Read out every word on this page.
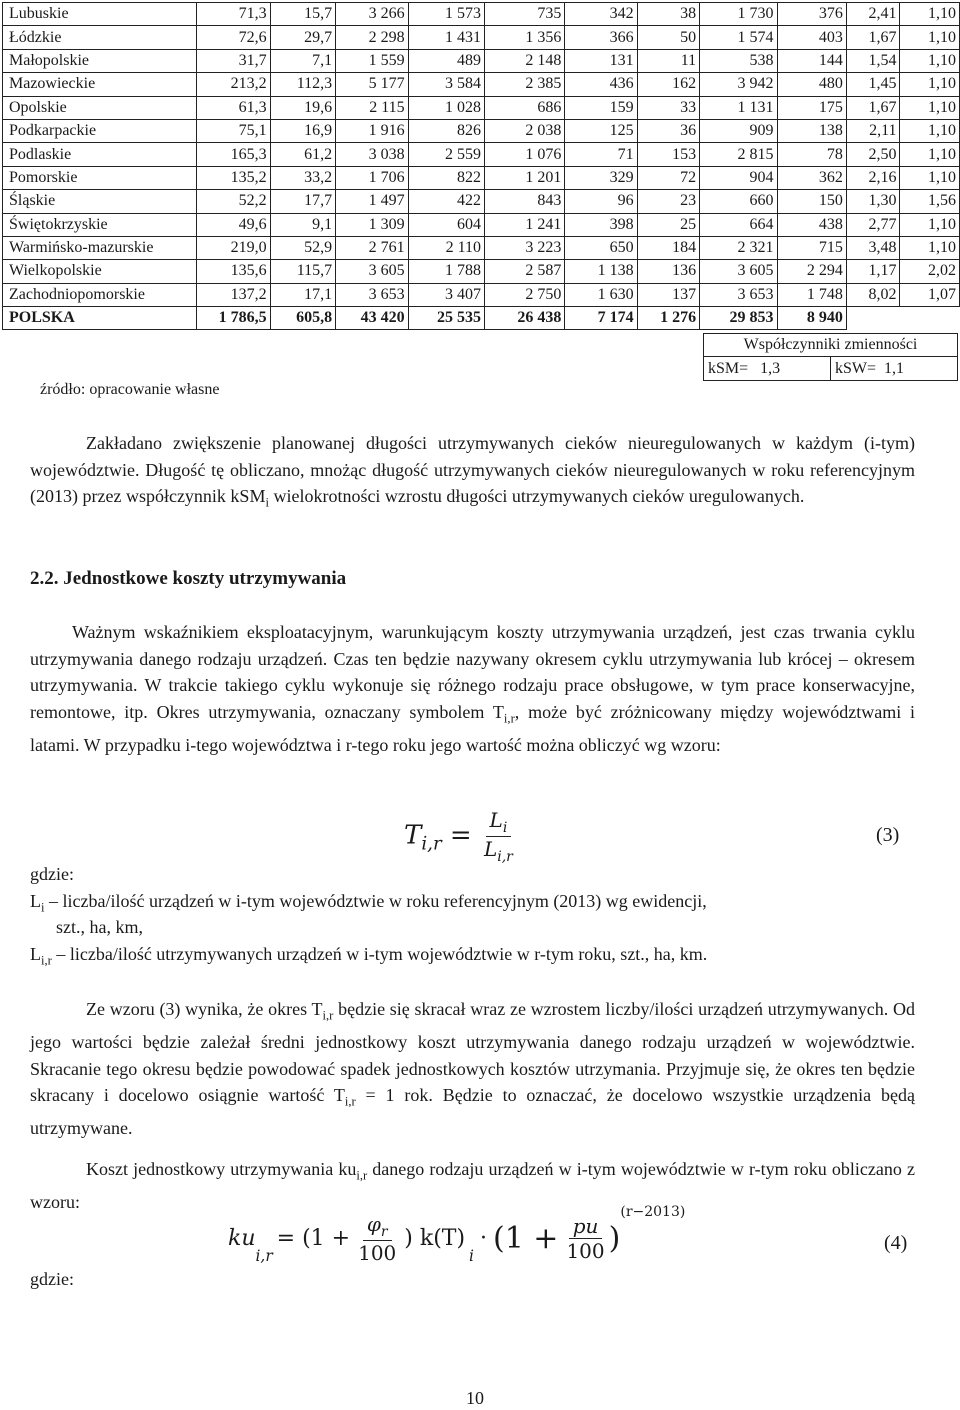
Lubuskie	71,3	15,7	3 266	1 573	735	342	38	1 730	376	2,41	1,10
Łódzkie	72,6	29,7	2 298	1 431	1 356	366	50	1 574	403	1,67	1,10
Małopolskie	31,7	7,1	1 559	489	2 148	131	11	538	144	1,54	1,10
Mazowieckie	213,2	112,3	5 177	3 584	2 385	436	162	3 942	480	1,45	1,10
Opolskie	61,3	19,6	2 115	1 028	686	159	33	1 131	175	1,67	1,10
Podkarpackie	75,1	16,9	1 916	826	2 038	125	36	909	138	2,11	1,10
Podlaskie	165,3	61,2	3 038	2 559	1 076	71	153	2 815	78	2,50	1,10
Pomorskie	135,2	33,2	1 706	822	1 201	329	72	904	362	2,16	1,10
Śląskie	52,2	17,7	1 497	422	843	96	23	660	150	1,30	1,56
Świętokrzyskie	49,6	9,1	1 309	604	1 241	398	25	664	438	2,77	1,10
Warmińsko-mazurskie	219,0	52,9	2 761	2 110	3 223	650	184	2 321	715	3,48	1,10
Wielkopolskie	135,6	115,7	3 605	1 788	2 587	1 138	136	3 605	2 294	1,17	2,02
Zachodniopomorskie	137,2	17,1	3 653	3 407	2 750	1 630	137	3 653	1 748	8,02	1,07
POLSKA	1 786,5	605,8	43 420	25 535	26 438	7 174	1 276	29 853	8 940		
Współczynniki zmienności
kSM= 1,3	kSW= 1,1
źródło: opracowanie własne

Zakładano zwiększenie planowanej długości utrzymywanych cieków nieuregulowanych w każdym (i-tym) województwie. Długość tę obliczano, mnożąc długość utrzymywanych cieków nieuregulowanych w roku referencyjnym (2013) przez współczynnik kSM$_i$ wielokrotności wzrostu długości utrzymywanych cieków uregulowanych.

2.2. Jednostkowe koszty utrzymywania

Ważnym wskaźnikiem eksploatacyjnym, warunkującym koszty utrzymywania urządzeń, jest czas trwania cyklu utrzymywania danego rodzaju urządzeń. Czas ten będzie nazywany okresem cyklu utrzymywania lub krócej – okresem utrzymywania. W trakcie takiego cyklu wykonuje się różnego rodzaju prace obsługowe, w tym prace konserwacyjne, remontowe, itp. Okres utrzymywania, oznaczany symbolem $T_{i,r}$, może być zróżnicowany między województwami i latami. W przypadku i-tego województwa i r-tego roku jego wartość można obliczyć wg wzoru:

$T_{i,r} = \frac{L_i}{L_{i,r}}$	(3)
gdzie:
$L_i$ – liczba/ilość urządzeń w i-tym województwie w roku referencyjnym (2013) wg ewidencji,
szt., ha, km,
$L_{i,r}$ – liczba/ilość utrzymywanych urządzeń w i-tym województwie w r-tym roku, szt., ha, km.

Ze wzoru (3) wynika, że okres $T_{i,r}$ będzie się skracał wraz ze wzrostem liczby/ilości urządzeń utrzymywanych. Od jego wartości będzie zależał średni jednostkowy koszt utrzymywania danego rodzaju urządzeń w województwie. Skracanie tego okresu będzie powodować spadek jednostkowych kosztów utrzymania. Przyjmuje się, że okres ten będzie skracany i docelowo osiągnie wartość $T_{i,r} = 1$ rok. Będzie to oznaczać, że docelowo wszystkie urządzenia będą utrzymywane.

Koszt jednostkowy utrzymywania $ku_{i,r}$ danego rodzaju urządzeń w i-tym województwie w r-tym roku obliczano z wzoru:

ku
$_{i,r}$
= ($1 + \frac{\varphi_r}{100}$ ) k(T)
$_i$
· ($1 + \frac{pu}{100}$ )
(r−2013)
(4)
gdzie:
10
